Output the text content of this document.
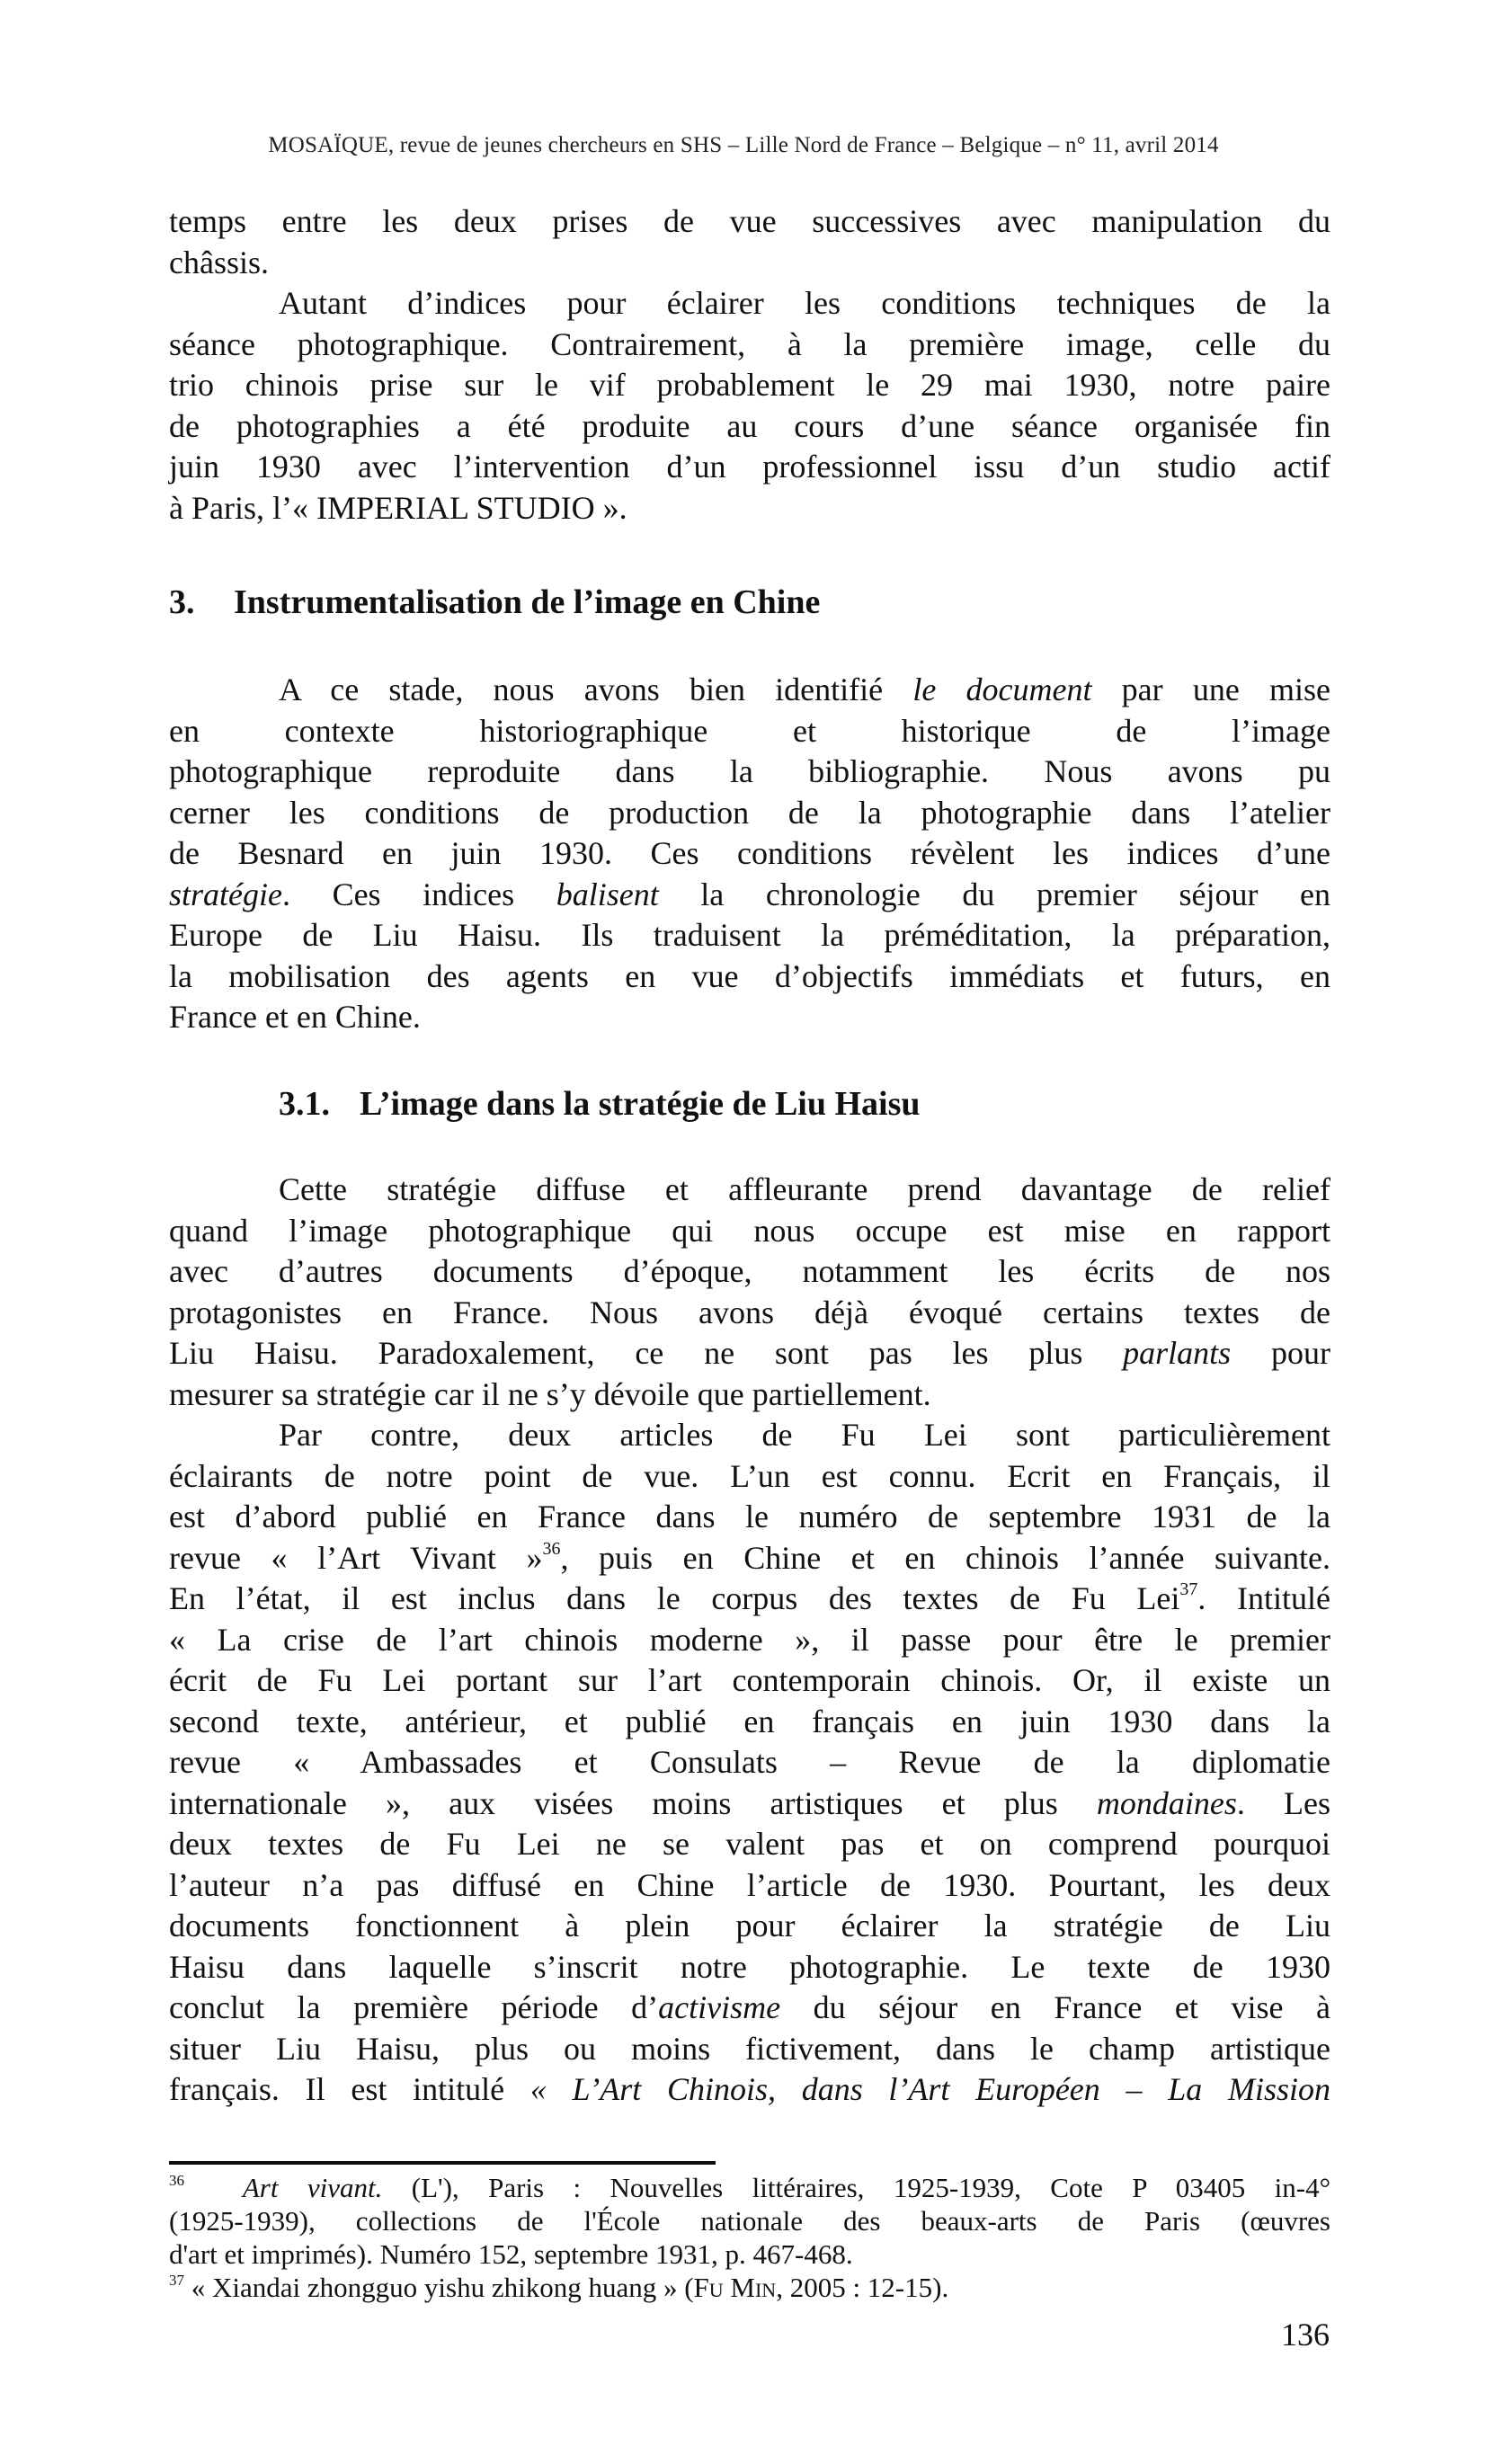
MOSAÏQUE, revue de jeunes chercheurs en SHS – Lille Nord de France – Belgique – n° 11, avril 2014
temps entre les deux prises de vue successives avec manipulation du
châssis.
Autant d’indices pour éclairer les conditions techniques de la
séance photographique. Contrairement, à la première image, celle du
trio chinois prise sur le vif probablement le 29 mai 1930, notre paire
de photographies a été produite au cours d’une séance organisée fin
juin 1930 avec l’intervention d’un professionnel issu d’un studio actif
à Paris, l’« IMPERIAL STUDIO ».
3. Instrumentalisation de l’image en Chine
A ce stade, nous avons bien identifié le document par une mise
en contexte historiographique et historique de l’image
photographique reproduite dans la bibliographie. Nous avons pu
cerner les conditions de production de la photographie dans l’atelier
de Besnard en juin 1930. Ces conditions révèlent les indices d’une
stratégie. Ces indices balisent la chronologie du premier séjour en
Europe de Liu Haisu. Ils traduisent la préméditation, la préparation,
la mobilisation des agents en vue d’objectifs immédiats et futurs, en
France et en Chine.
3.1. L’image dans la stratégie de Liu Haisu
Cette stratégie diffuse et affleurante prend davantage de relief
quand l’image photographique qui nous occupe est mise en rapport
avec d’autres documents d’époque, notamment les écrits de nos
protagonistes en France. Nous avons déjà évoqué certains textes de
Liu Haisu. Paradoxalement, ce ne sont pas les plus parlants pour
mesurer sa stratégie car il ne s’y dévoile que partiellement.
Par contre, deux articles de Fu Lei sont particulièrement
éclairants de notre point de vue. L’un est connu. Ecrit en Français, il
est d’abord publié en France dans le numéro de septembre 1931 de la
revue « l’Art Vivant »$^{36}$, puis en Chine et en chinois l’année suivante.
En l’état, il est inclus dans le corpus des textes de Fu Lei$^{37}$. Intitulé
« La crise de l’art chinois moderne », il passe pour être le premier
écrit de Fu Lei portant sur l’art contemporain chinois. Or, il existe un
second texte, antérieur, et publié en français en juin 1930 dans la
revue « Ambassades et Consulats – Revue de la diplomatie
internationale », aux visées moins artistiques et plus mondaines. Les
deux textes de Fu Lei ne se valent pas et on comprend pourquoi
l’auteur n’a pas diffusé en Chine l’article de 1930. Pourtant, les deux
documents fonctionnent à plein pour éclairer la stratégie de Liu
Haisu dans laquelle s’inscrit notre photographie. Le texte de 1930
conclut la première période d’activisme du séjour en France et vise à
situer Liu Haisu, plus ou moins fictivement, dans le champ artistique
français. Il est intitulé « L’Art Chinois, dans l’Art Européen – La Mission
$^{36}$ Art vivant. (L'), Paris : Nouvelles littéraires, 1925-1939, Cote P 03405 in-4°
(1925-1939), collections de l'École nationale des beaux-arts de Paris (œuvres
d'art et imprimés). Numéro 152, septembre 1931, p. 467-468.
$^{37}$ « Xiandai zhongguo yishu zhikong huang » (Fu Min, 2005 : 12-15).
136
